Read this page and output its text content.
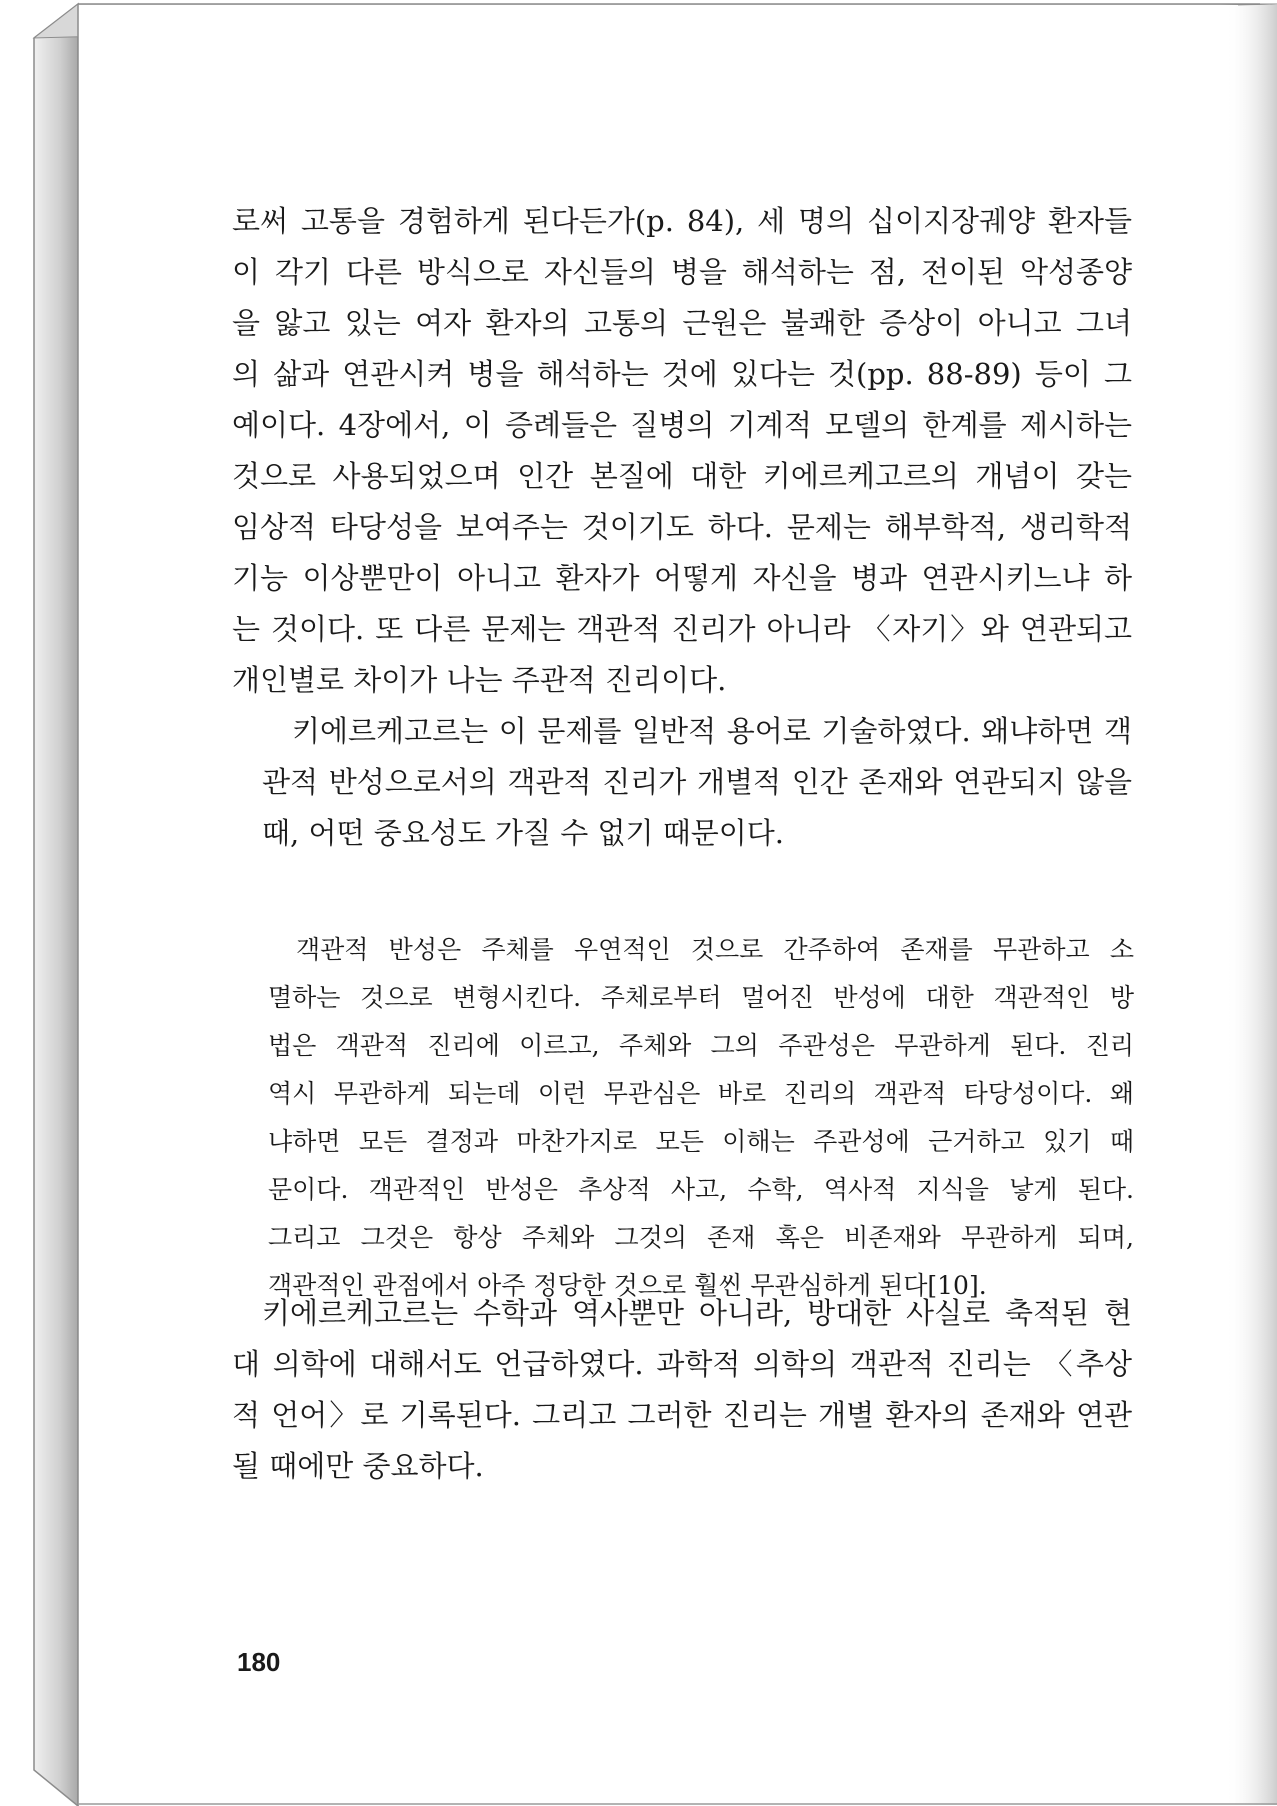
로써 고통을 경험하게 된다든가(p. 84), 세 명의 십이지장궤양 환자들
이 각기 다른 방식으로 자신들의 병을 해석하는 점, 전이된 악성종양
을 앓고 있는 여자 환자의 고통의 근원은 불쾌한 증상이 아니고 그녀
의 삶과 연관시켜 병을 해석하는 것에 있다는 것(pp. 88-89) 등이 그
예이다. 4장에서, 이 증례들은 질병의 기계적 모델의 한계를 제시하는
것으로 사용되었으며 인간 본질에 대한 키에르케고르의 개념이 갖는
임상적 타당성을 보여주는 것이기도 하다. 문제는 해부학적, 생리학적
기능 이상뿐만이 아니고 환자가 어떻게 자신을 병과 연관시키느냐 하
는 것이다. 또 다른 문제는 객관적 진리가 아니라 〈자기〉와 연관되고
개인별로 차이가 나는 주관적 진리이다.
키에르케고르는 이 문제를 일반적 용어로 기술하였다. 왜냐하면 객
관적 반성으로서의 객관적 진리가 개별적 인간 존재와 연관되지 않을
때, 어떤 중요성도 가질 수 없기 때문이다.
객관적 반성은 주체를 우연적인 것으로 간주하여 존재를 무관하고 소
멸하는 것으로 변형시킨다. 주체로부터 멀어진 반성에 대한 객관적인 방
법은 객관적 진리에 이르고, 주체와 그의 주관성은 무관하게 된다. 진리
역시 무관하게 되는데 이런 무관심은 바로 진리의 객관적 타당성이다. 왜
냐하면 모든 결정과 마찬가지로 모든 이해는 주관성에 근거하고 있기 때
문이다. 객관적인 반성은 추상적 사고, 수학, 역사적 지식을 낳게 된다.
그리고 그것은 항상 주체와 그것의 존재 혹은 비존재와 무관하게 되며,
객관적인 관점에서 아주 정당한 것으로 훨씬 무관심하게 된다[10].
키에르케고르는 수학과 역사뿐만 아니라, 방대한 사실로 축적된 현
대 의학에 대해서도 언급하였다. 과학적 의학의 객관적 진리는 〈추상
적 언어〉로 기록된다. 그리고 그러한 진리는 개별 환자의 존재와 연관
될 때에만 중요하다.
180
